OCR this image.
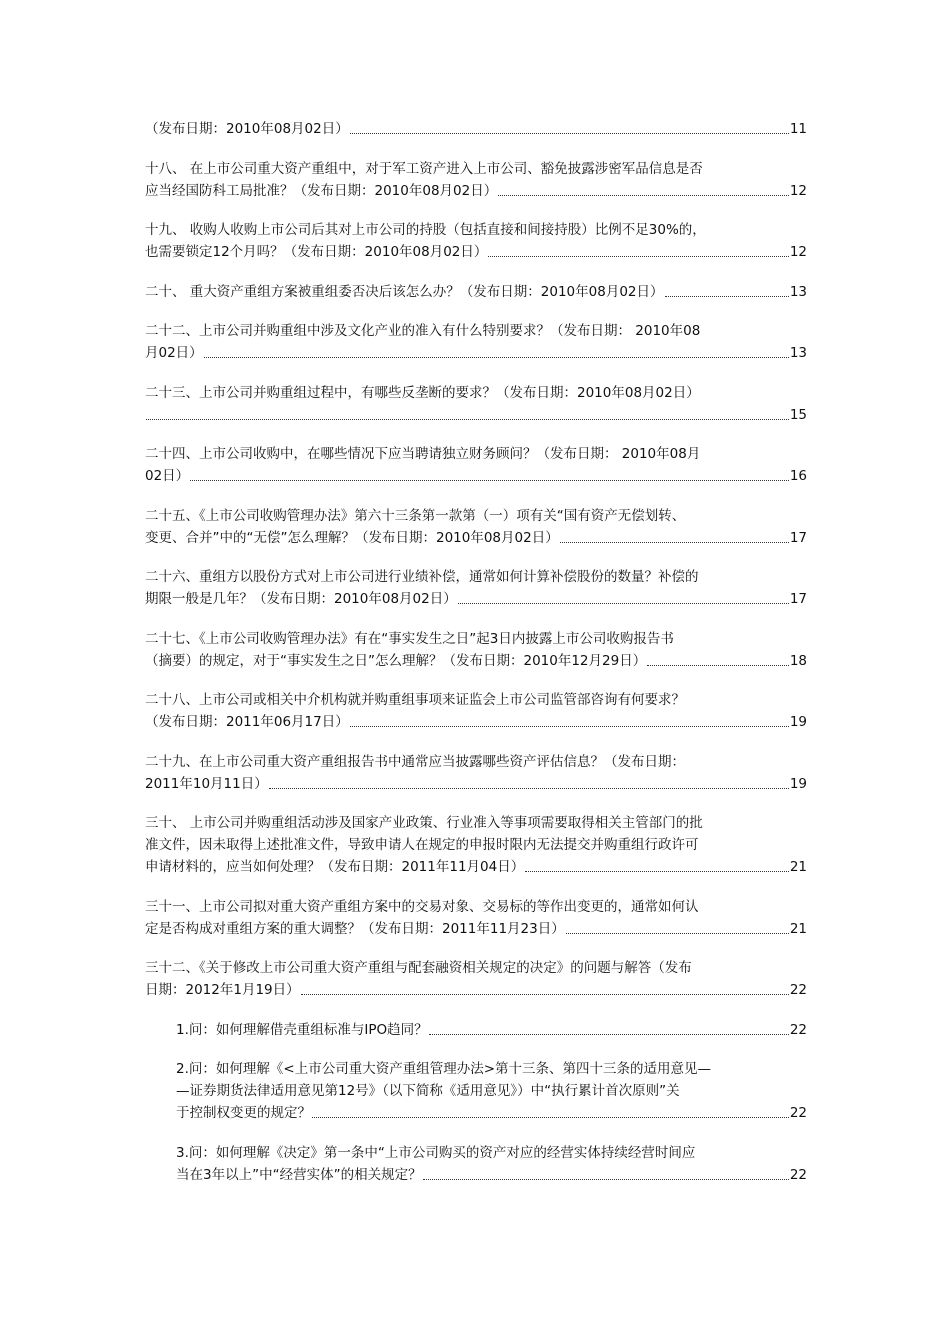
（发布日期：2010年08月02日）	11
十八、 在上市公司重大资产重组中，对于军工资产进入上市公司、豁免披露涉密军品信息是否
应当经国防科工局批准？（发布日期：2010年08月02日）	12
十九、 收购人收购上市公司后其对上市公司的持股（包括直接和间接持股）比例不足30%的，
也需要锁定12个月吗？（发布日期：2010年08月02日）	12
二十、 重大资产重组方案被重组委否决后该怎么办？（发布日期：2010年08月02日）	13
二十二、上市公司并购重组中涉及文化产业的准入有什么特别要求？（发布日期： 2010年08
月02日）	13
二十三、上市公司并购重组过程中，有哪些反垄断的要求？（发布日期：2010年08月02日）
15
二十四、上市公司收购中，在哪些情况下应当聘请独立财务顾问？（发布日期： 2010年08月
02日）	16
二十五、《上市公司收购管理办法》第六十三条第一款第（一）项有关“国有资产无偿划转、
变更、合并”中的“无偿”怎么理解？（发布日期：2010年08月02日）	17
二十六、重组方以股份方式对上市公司进行业绩补偿，通常如何计算补偿股份的数量？补偿的
期限一般是几年？（发布日期：2010年08月02日）	17
二十七、《上市公司收购管理办法》有在“事实发生之日”起3日内披露上市公司收购报告书
（摘要）的规定，对于“事实发生之日”怎么理解？（发布日期：2010年12月29日）	18
二十八、上市公司或相关中介机构就并购重组事项来证监会上市公司监管部咨询有何要求？
（发布日期：2011年06月17日）	19
二十九、在上市公司重大资产重组报告书中通常应当披露哪些资产评估信息？（发布日期：
2011年10月11日）	19
三十、 上市公司并购重组活动涉及国家产业政策、行业准入等事项需要取得相关主管部门的批
准文件，因未取得上述批准文件，导致申请人在规定的申报时限内无法提交并购重组行政许可
申请材料的，应当如何处理？（发布日期：2011年11月04日）	21
三十一、上市公司拟对重大资产重组方案中的交易对象、交易标的等作出变更的，通常如何认
定是否构成对重组方案的重大调整？（发布日期：2011年11月23日）	21
三十二、《关于修改上市公司重大资产重组与配套融资相关规定的决定》的问题与解答（发布
日期：2012年1月19日）	22
1.问：如何理解借壳重组标准与IPO趋同？	22
2.问：如何理解《<上市公司重大资产重组管理办法>第十三条、第四十三条的适用意见—
—证券期货法律适用意见第12号》（以下简称《适用意见》）中“执行累计首次原则”关
于控制权变更的规定？	22
3.问：如何理解《决定》第一条中“上市公司购买的资产对应的经营实体持续经营时间应
当在3年以上”中“经营实体”的相关规定？	22
